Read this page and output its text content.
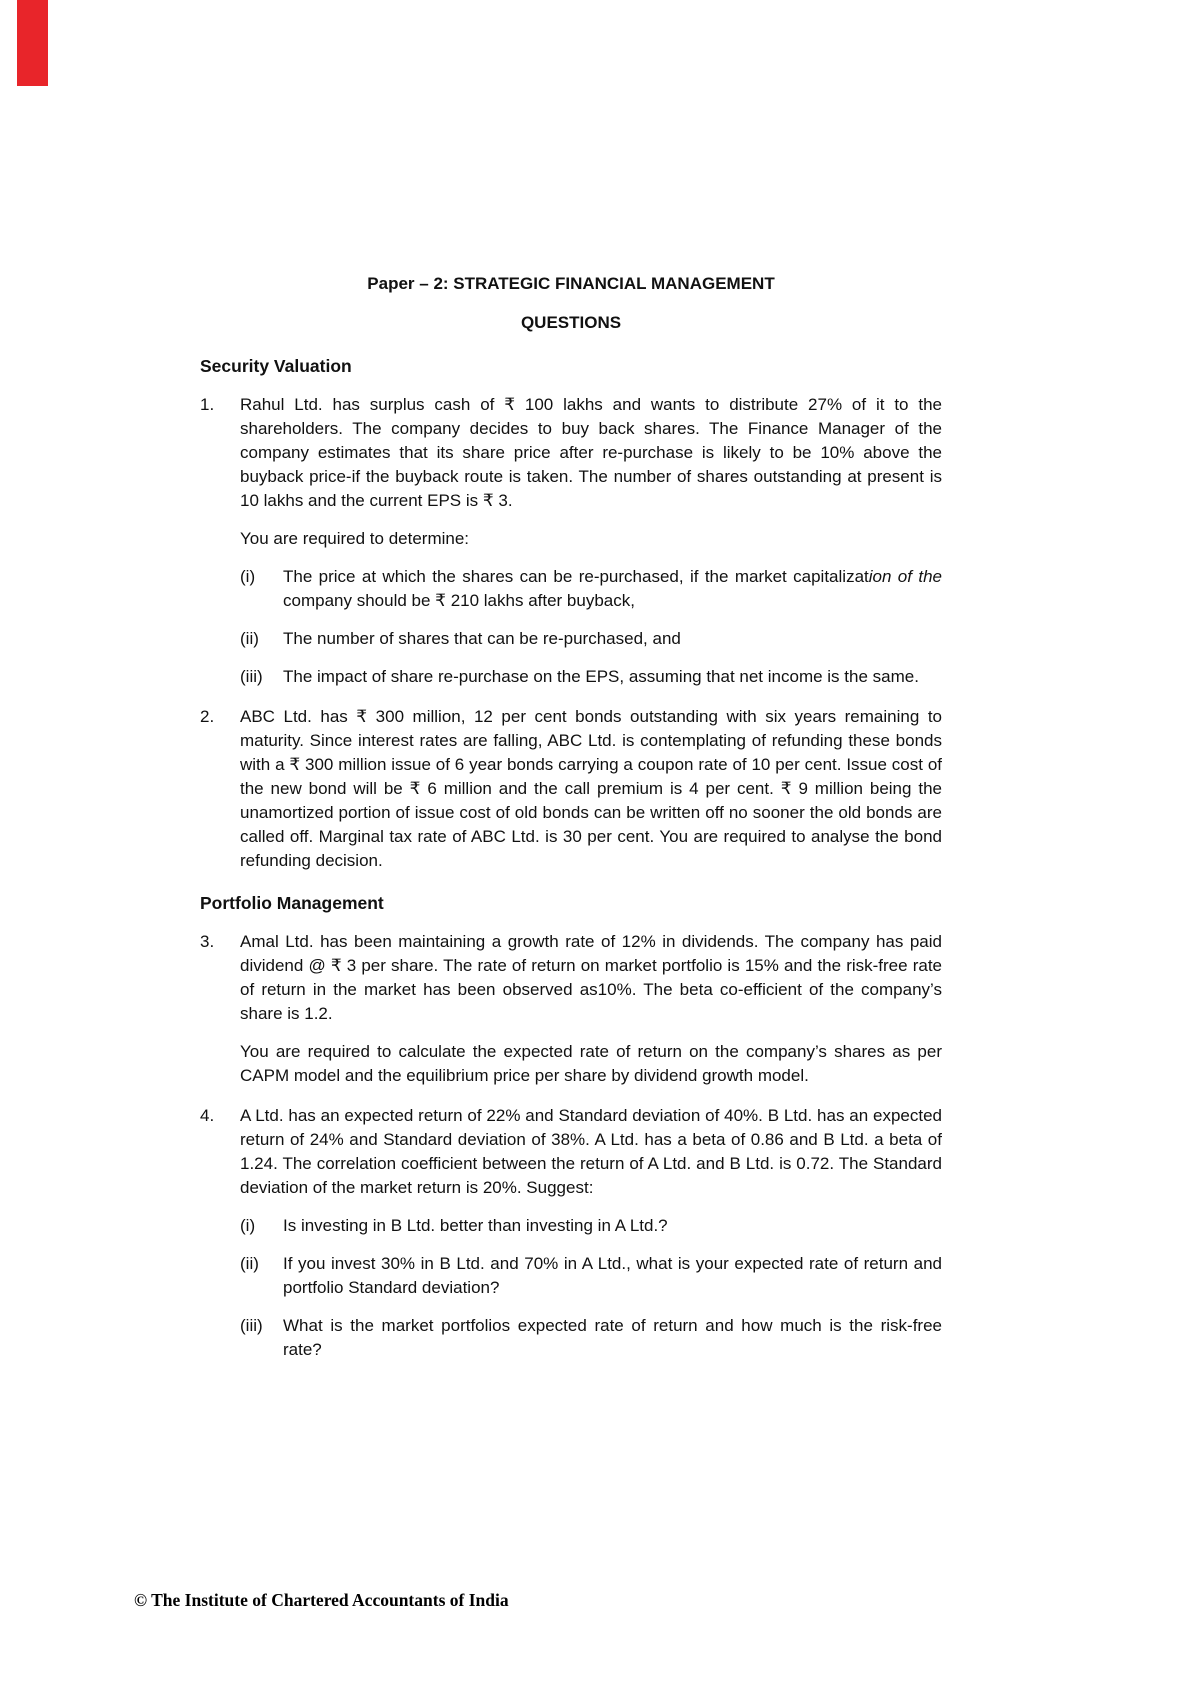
Paper – 2: STRATEGIC FINANCIAL MANAGEMENT
QUESTIONS
Security Valuation
1.	Rahul Ltd. has surplus cash of ₹ 100 lakhs and wants to distribute 27% of it to the shareholders. The company decides to buy back shares. The Finance Manager of the company estimates that its share price after re-purchase is likely to be 10% above the buyback price-if the buyback route is taken. The number of shares outstanding at present is 10 lakhs and the current EPS is ₹ 3.

You are required to determine:

(i)	The price at which the shares can be re-purchased, if the market capitalization of the company should be ₹ 210 lakhs after buyback,
(ii)	The number of shares that can be re-purchased, and
(iii)	The impact of share re-purchase on the EPS, assuming that net income is the same.
2.	ABC Ltd. has ₹ 300 million, 12 per cent bonds outstanding with six years remaining to maturity. Since interest rates are falling, ABC Ltd. is contemplating of refunding these bonds with a ₹ 300 million issue of 6 year bonds carrying a coupon rate of 10 per cent. Issue cost of the new bond will be ₹ 6 million and the call premium is 4 per cent. ₹ 9 million being the unamortized portion of issue cost of old bonds can be written off no sooner the old bonds are called off. Marginal tax rate of ABC Ltd. is 30 per cent. You are required to analyse the bond refunding decision.

Portfolio Management
3.	Amal Ltd. has been maintaining a growth rate of 12% in dividends. The company has paid dividend @ ₹ 3 per share. The rate of return on market portfolio is 15% and the risk-free rate of return in the market has been observed as10%. The beta co-efficient of the company’s share is 1.2.

You are required to calculate the expected rate of return on the company’s shares as per CAPM model and the equilibrium price per share by dividend growth model.

4.	A Ltd. has an expected return of 22% and Standard deviation of 40%. B Ltd. has an expected return of 24% and Standard deviation of 38%. A Ltd. has a beta of 0.86 and B Ltd. a beta of 1.24. The correlation coefficient between the return of A Ltd. and B Ltd. is 0.72. The Standard deviation of the market return is 20%. Suggest:

(i)	Is investing in B Ltd. better than investing in A Ltd.?
(ii)	If you invest 30% in B Ltd. and 70% in A Ltd., what is your expected rate of return and portfolio Standard deviation?
(iii)	What is the market portfolios expected rate of return and how much is the risk-free rate?
© The Institute of Chartered Accountants of India
